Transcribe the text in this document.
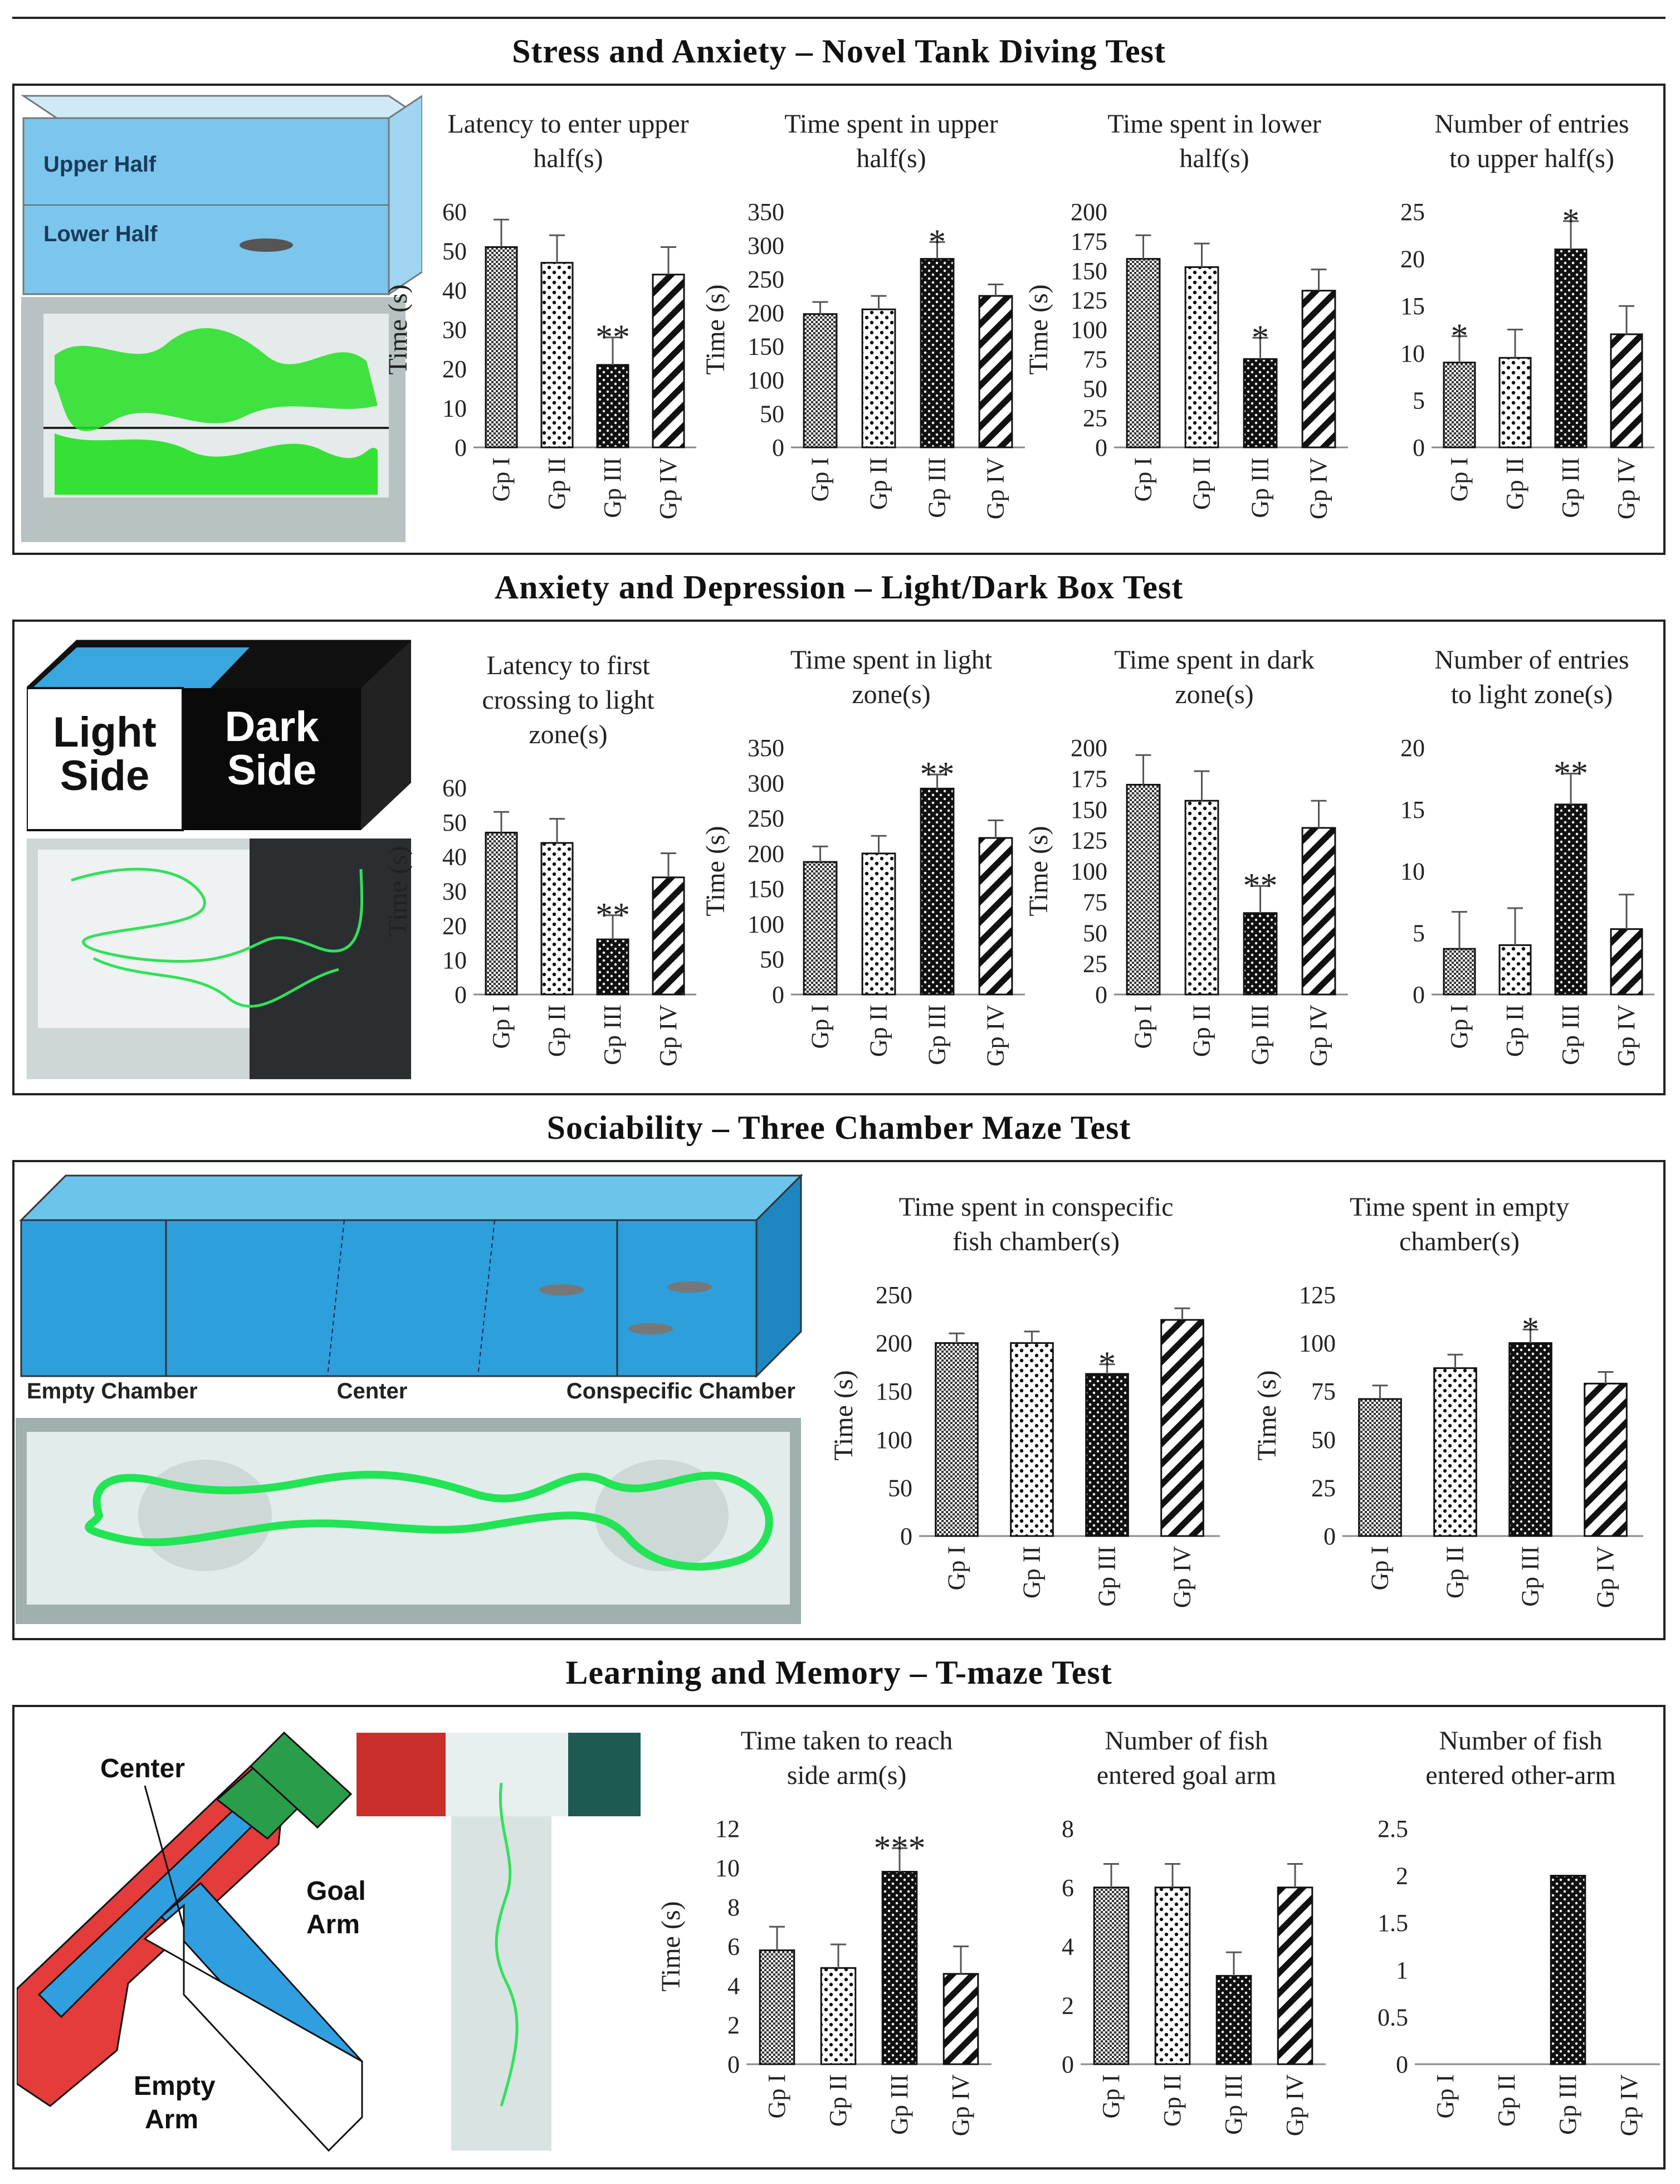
Stress and Anxiety – Novel Tank Diving Test
Anxiety and Depression – Light/Dark Box Test
Sociability – Three Chamber Maze Test
Learning and Memory – T-maze Test
Upper Half
Lower Half
Light
Side
Dark
Side
Empty Chamber	Center	Conspecific Chamber
Center
Goal
Arm
Empty
Arm
Latency to enter upper
half(s)
Time (s)
0
10
20
30
40
50
60
Gp I Gp II
**
Gp III Gp IV
Time spent in upper
half(s)
Time (s)
0
50
100
150
200
250
300
350
Gp I Gp II
*
Gp III Gp IV
Time spent in lower
half(s)
Time (s)
0
25
50
75
100
125
150
175
200
Gp I Gp II
*
Gp III Gp IV
Number of entries
to upper half(s)
0
5
10
15
20
25
*
Gp I Gp II
*
Gp III Gp IV
Latency to first
crossing to light
zone(s)
Time (s)
0
10
20
30
40
50
60
Gp I Gp II
**
Gp III Gp IV
Time spent in light
zone(s)
Time (s)
0
50
100
150
200
250
300
350
Gp I Gp II
**
Gp III Gp IV
Time spent in dark
zone(s)
Time (s)
0
25
50
75
100
125
150
175
200
Gp I Gp II
**
Gp III Gp IV
Number of entries
to light zone(s)
0
5
10
15
20
Gp I Gp II
**
Gp III Gp IV
Time spent in conspecific
fish chamber(s)
Time (s)
0
50
100
150
200
250
Gp I Gp II
*
Gp III Gp IV
Time spent in empty
chamber(s)
Time (s)
0
25
50
75
100
125
Gp I Gp II
*
Gp III Gp IV
Time taken to reach
side arm(s)
Time (s)
0
2
4
6
8
10
12
Gp I Gp II
***
Gp III Gp IV
Number of fish
entered goal arm
0
2
4
6
8
Gp I Gp II Gp III Gp IV
Number of fish
entered other-arm
0
0.5
1
1.5
2
2.5
Gp I Gp II Gp III Gp IV
